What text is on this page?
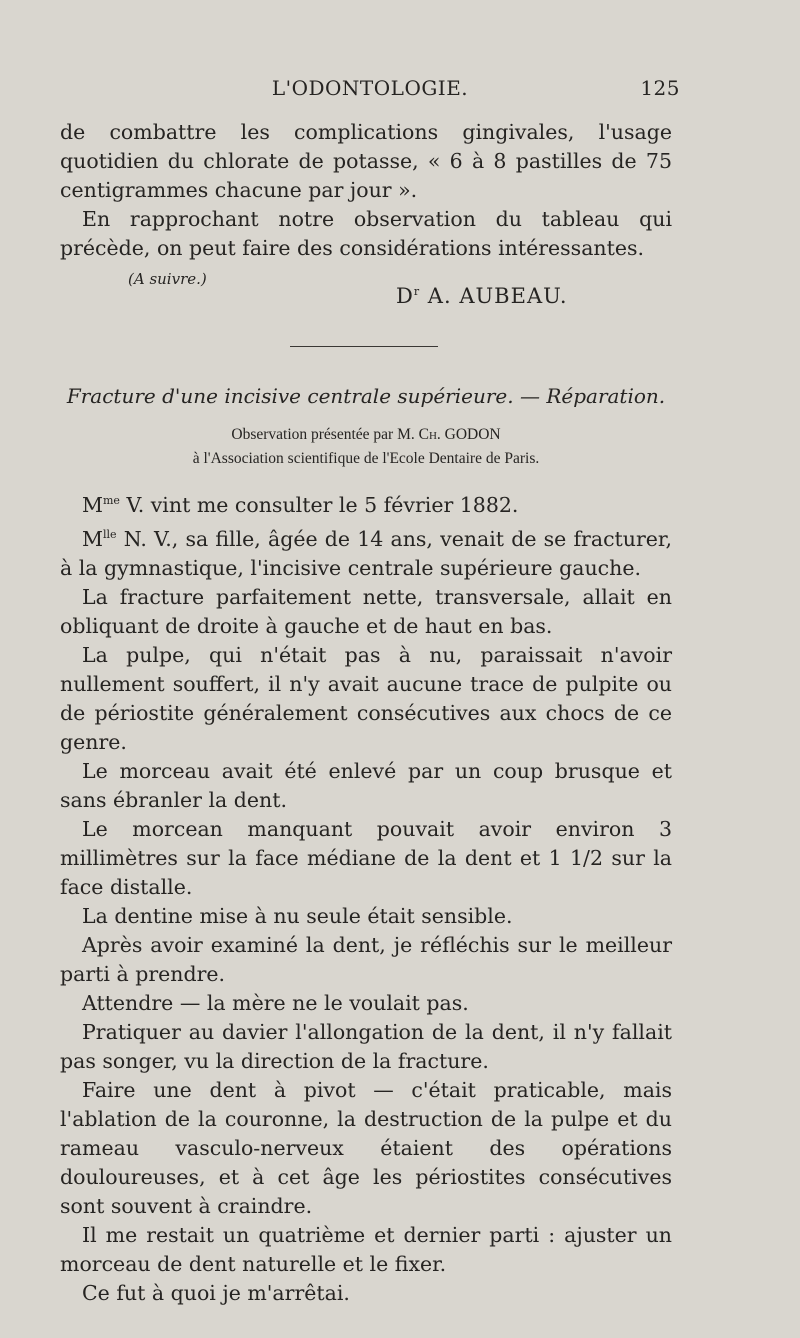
L'ODONTOLOGIE.	125

de combattre les complications gingivales, l'usage quotidien du chlorate de potasse, « 6 à 8 pastilles de 75 centigrammes chacune par jour ».

En rapprochant notre observation du tableau qui précède, on peut faire des considérations intéressantes.

(A suivre.)
$D^r$ A. AUBEAU.
Fracture d'une incisive centrale supérieure. — Réparation.
Observation présentée par M. Ch. GODON
à l'Association scientifique de l'Ecole Dentaire de Paris.

$M^{me}$ V. vint me consulter le 5 février 1882.

$M^{lle}$ N. V., sa fille, âgée de 14 ans, venait de se fracturer, à la gymnastique, l'incisive centrale supérieure gauche.

La fracture parfaitement nette, transversale, allait en obliquant de droite à gauche et de haut en bas.

La pulpe, qui n'était pas à nu, paraissait n'avoir nullement souffert, il n'y avait aucune trace de pulpite ou de périostite généralement consécutives aux chocs de ce genre.

Le morceau avait été enlevé par un coup brusque et sans ébranler la dent.

Le morcean manquant pouvait avoir environ 3 millimètres sur la face médiane de la dent et 1 1/2 sur la face distalle.

La dentine mise à nu seule était sensible.

Après avoir examiné la dent, je réfléchis sur le meilleur parti à prendre.

Attendre — la mère ne le voulait pas.

Pratiquer au davier l'allongation de la dent, il n'y fallait pas songer, vu la direction de la fracture.

Faire une dent à pivot — c'était praticable, mais l'ablation de la couronne, la destruction de la pulpe et du rameau vasculo-nerveux étaient des opérations douloureuses, et à cet âge les périostites consécutives sont souvent à craindre.

Il me restait un quatrième et dernier parti : ajuster un morceau de dent naturelle et le fixer.

Ce fut à quoi je m'arrêtai.
